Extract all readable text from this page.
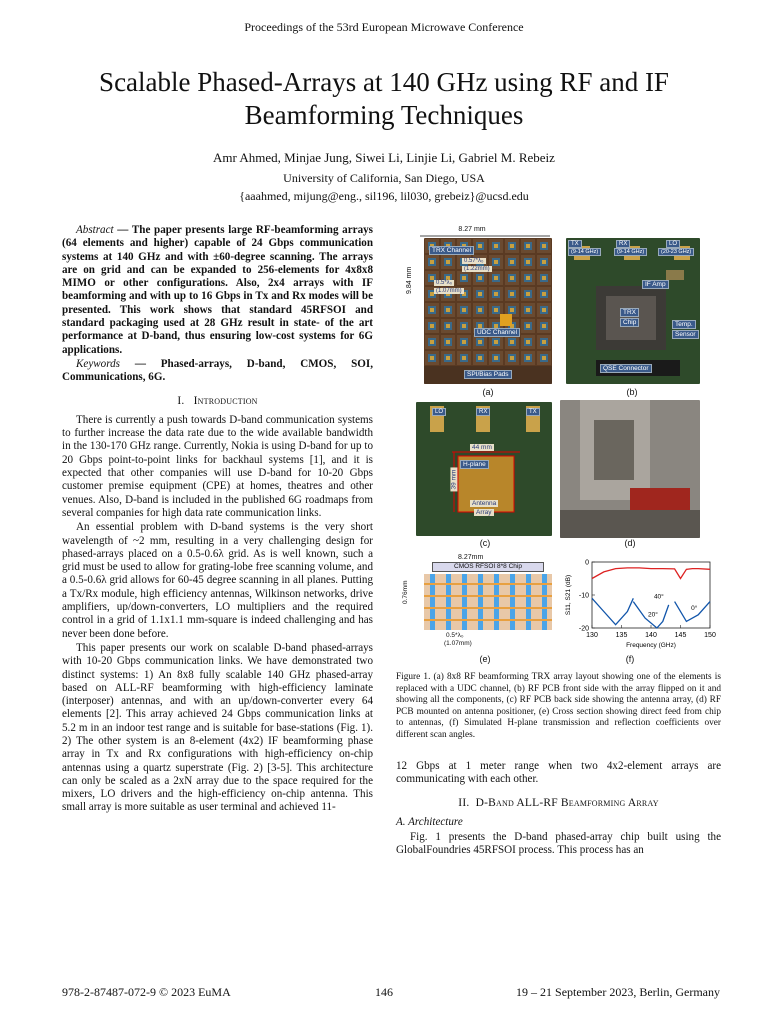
Proceedings of the 53rd European Microwave Conference
Scalable Phased-Arrays at 140 GHz using RF and IF
Beamforming Techniques
Amr Ahmed, Minjae Jung, Siwei Li, Linjie Li, Gabriel M. Rebeiz
University of California, San Diego, USA
{aaahmed, mijung@eng., sil196, lil030, grebeiz}@ucsd.edu

Abstract — The paper presents large RF-beamforming arrays (64 elements and higher) capable of 24 Gbps communication systems at 140 GHz and with ±60-degree scanning. The arrays are on grid and can be expanded to 256-elements for 4x8x8 MIMO or other configurations. Also, 2x4 arrays with IF beamforming and with up to 16 Gbps in Tx and Rx modes will be presented. This work shows that standard 45RFSOI and standard packaging used at 28 GHz result in state- of the art performance at D-band, thus ensuring low-cost systems for 6G applications.

Keywords — Phased-arrays, D-band, CMOS, SOI, Communications, 6G.

I. Introduction

There is currently a push towards D-band communication systems to further increase the data rate due to the wide available bandwidth in the 130-170 GHz range. Currently, Nokia is using D-band for up to 20 Gbps point-to-point links for backhaul systems [1], and it is expected that other companies will use D-band for 10-20 Gbps customer premise equipment (CPE) at homes, theatres and other venues. Also, D-band is included in the published 6G roadmaps from several companies for high data rate communication links.

An essential problem with D-band systems is the very short wavelength of ~2 mm, resulting in a very challenging design for phased-arrays placed on a 0.5-0.6λ grid. As is well known, such a grid must be used to allow for grating-lobe free scanning volume, and a 0.5-0.6λ grid allows for 60-45 degree scanning in all planes. Putting a Tx/Rx module, high efficiency antennas, Wilkinson networks, drive amplifiers, up/down-converters, LO multipliers and the required control in a grid of 1.1x1.1 mm-square is indeed challenging and has never been done before.

This paper presents our work on scalable D-band phased-arrays with 10-20 Gbps communication links. We have demonstrated two distinct systems: 1) An 8x8 fully scalable 140 GHz phased-array based on ALL-RF beamforming with high-efficiency laminate (interposer) antennas, and with an up/down-converter every 64 elements [2]. This array achieved 24 Gbps communication links at 5.2 m in an indoor test range and is suitable for base-stations (Fig. 1). 2) The other system is an 8-element (4x2) IF beamforming phase array in Tx and Rx configurations with high-efficiency on-chip antennas using a quartz superstrate (Fig. 2) [3-5]. This architecture can only be scaled as a 2xN array due to the space required for the mixers, LO drivers and the high-efficiency on-chip antenna. This small array is more suitable as user terminal and achieved 11-

8.27 mm
9.84 mm
TRX Channel
0.57*λ₀
(1.22mm)
0.5*λ₀
(1.07mm)
UDC Channel
SPI/Bias Pads
(a)
TX
(9-14 GHz)
RX
(9-14 GHz)
LO
(20-23 GHz)
IF Amp
TRX
Chip	Temp.
Sensor
QSE Connector
(b)
LO	RX	TX
44 mm
39 mm
H-plane
Antenna
Array
(c)	(d)
8.27mm
CMOS RFSOI 8*8 Chip
0.76mm
0.5*λ₀
(1.07mm)
(e)
130	135	140	145	150
0
-10
-20
Frequency (GHz)
S11, S21 (dB)	40°
20°
0°
(f)
Figure 1. (a) 8x8 RF beamforming TRX array layout showing one of the elements is replaced with a UDC channel, (b) RF PCB front side with the array flipped on it and showing all the components, (c) RF PCB back side showing the antenna array, (d) RF PCB mounted on antenna positioner, (e) Cross section showing direct feed from chip to antennas, (f) Simulated H-plane transmission and reflection coefficients over different scan angles.

12 Gbps at 1 meter range when two 4x2-element arrays are communicating with each other.

II. D-Band ALL-RF Beamforming Array
A. Architecture

Fig. 1 presents the D-band phased-array chip built using the GlobalFoundries 45RFSOI process. This process has an

978-2-87487-072-9 © 2023 EuMA	146	19 – 21 September 2023, Berlin, Germany
